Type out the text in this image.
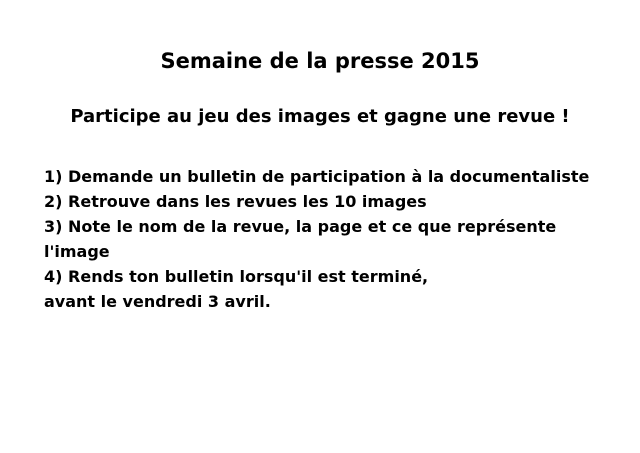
Semaine de la presse 2015
Participe au jeu des images et gagne une revue !
1) Demande un bulletin de participation à la documentaliste
2) Retrouve dans les revues les 10 images
3) Note le nom de la revue, la page et ce que représente
l'image
4) Rends ton bulletin lorsqu'il est terminé,
avant le vendredi 3 avril.
